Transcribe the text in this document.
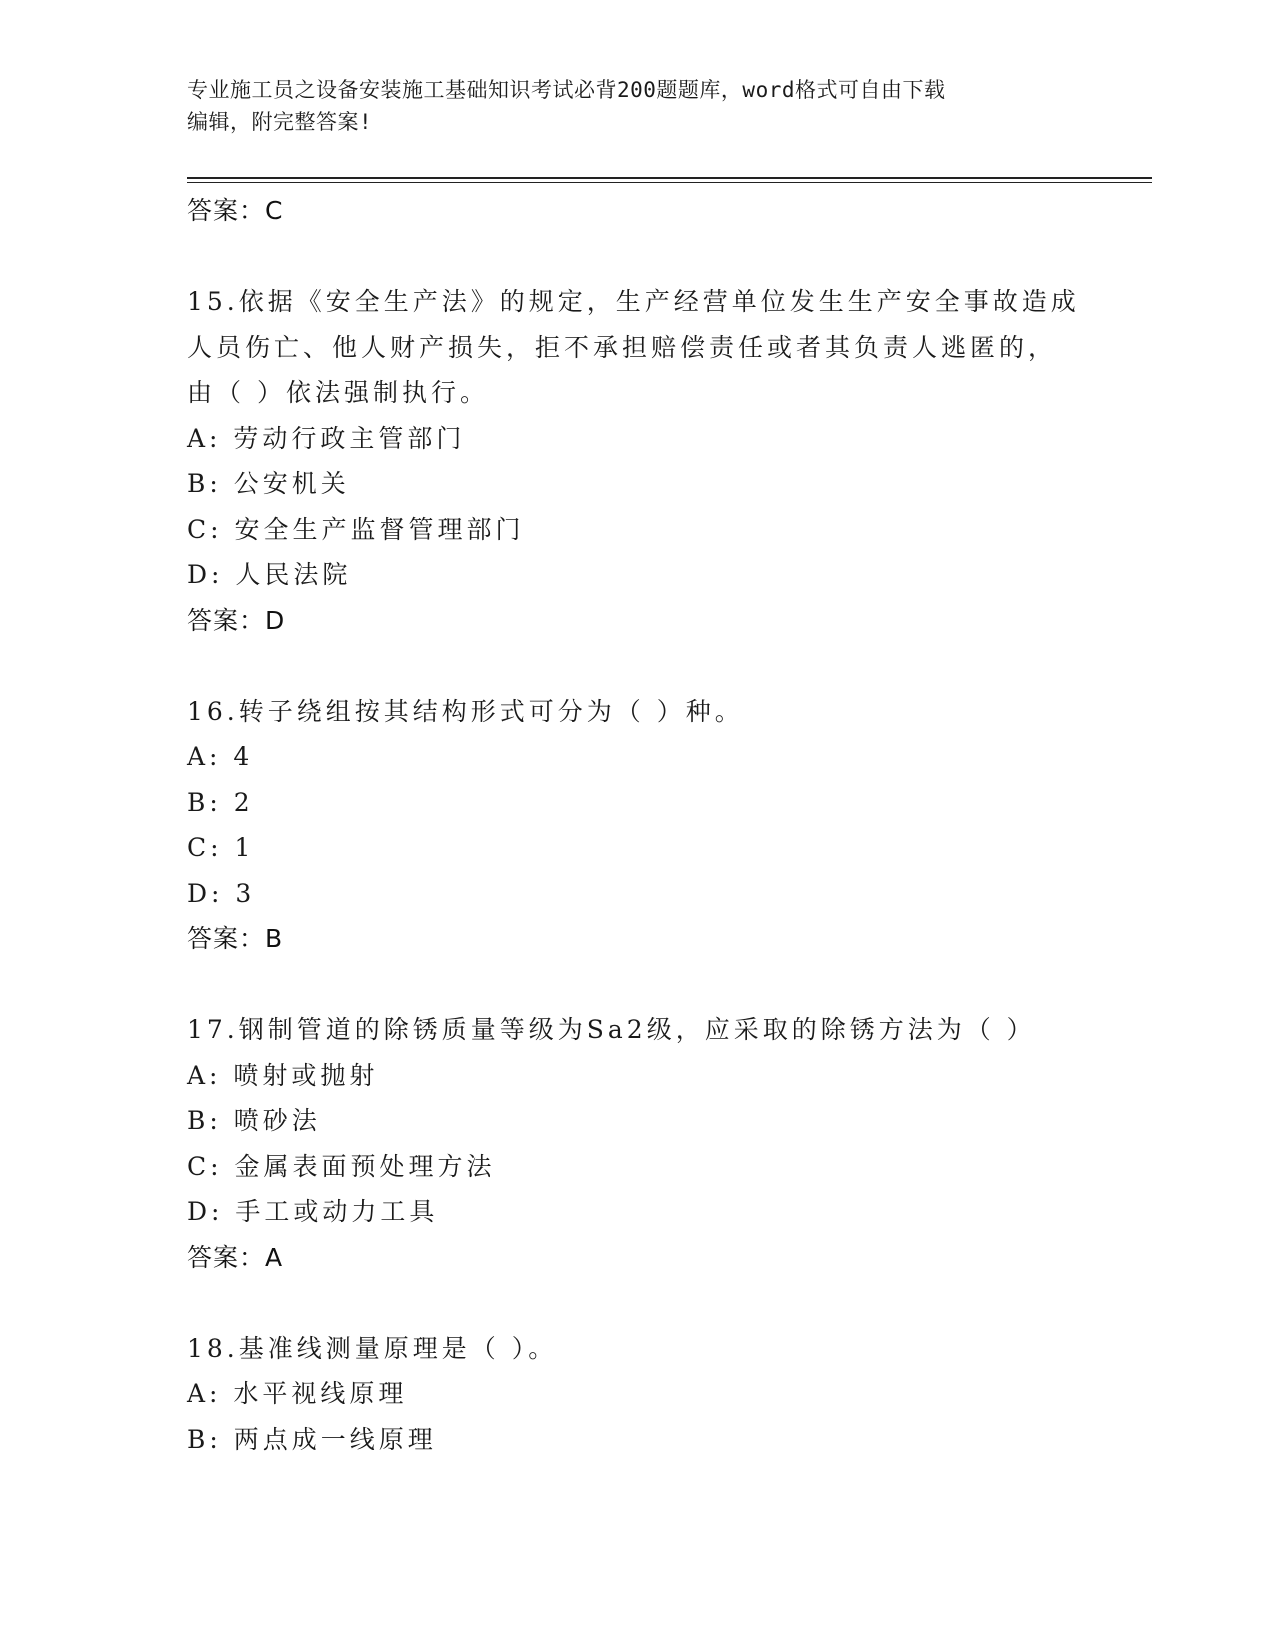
专业施工员之设备安装施工基础知识考试必背200题题库，word格式可自由下载
编辑，附完整答案!
答案：C
15.依据《安全生产法》的规定，生产经营单位发生生产安全事故造成
人员伤亡、他人财产损失，拒不承担赔偿责任或者其负责人逃匿的，
由（ ）依法强制执行。
A: 劳动行政主管部门
B: 公安机关
C: 安全生产监督管理部门
D: 人民法院
答案：D
16.转子绕组按其结构形式可分为（ ）种。
A: 4
B: 2
C: 1
D: 3
答案：B
17.钢制管道的除锈质量等级为Sa2级，应采取的除锈方法为（ ）
A: 喷射或抛射
B: 喷砂法
C: 金属表面预处理方法
D: 手工或动力工具
答案：A
18.基准线测量原理是（ ）。
A: 水平视线原理
B: 两点成一线原理
